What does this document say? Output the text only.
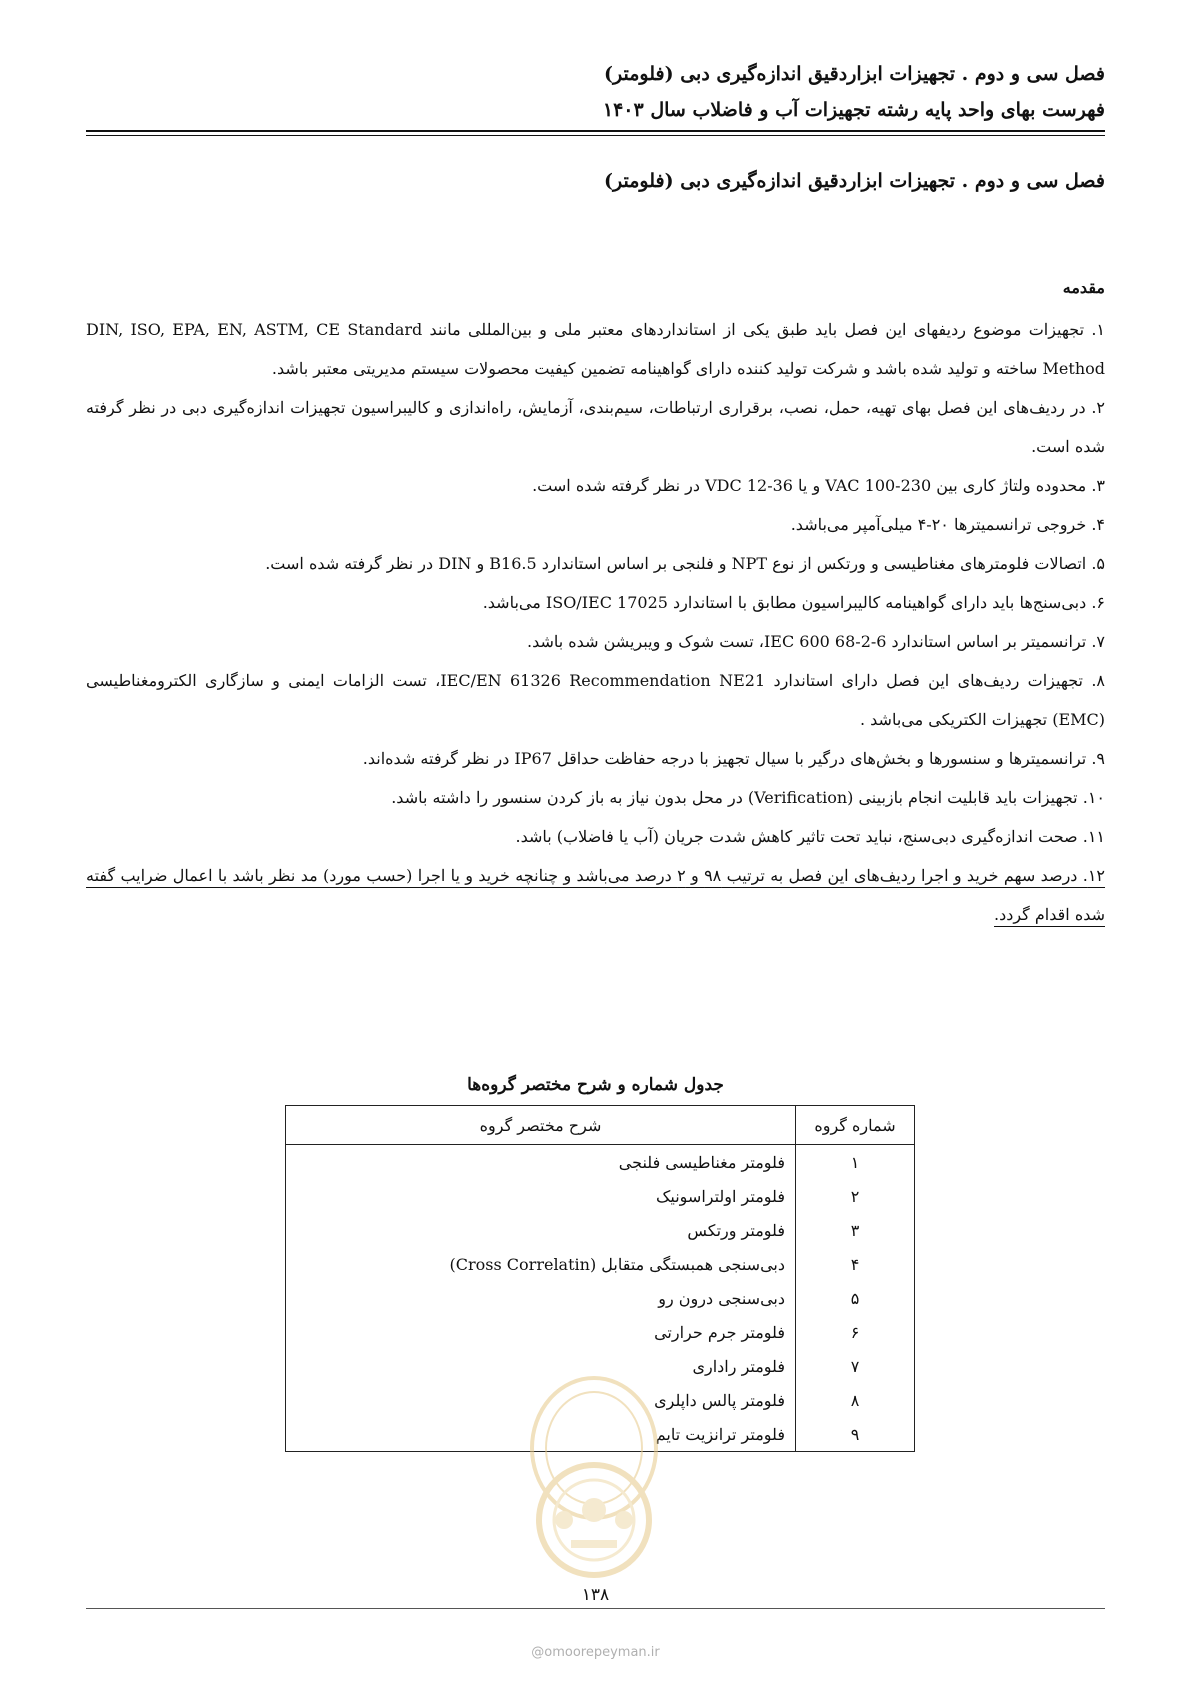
فصل سی و دوم . تجهیزات ابزاردقیق اندازه‌گیری دبی (فلومتر)
فهرست بهای واحد پایه رشته تجهیزات آب و فاضلاب سال ۱۴۰۳
فصل سی و دوم . تجهیزات ابزاردقیق اندازه‌گیری دبی (فلومتر)
مقدمه
۱. تجهیزات موضوع ردیفهای این فصل باید طبق یکی از استانداردهای معتبر ملی و بین‌المللی مانند DIN, ISO, EPA, EN, ASTM, CE Standard Method ساخته و تولید شده باشد و شرکت تولید کننده دارای گواهینامه تضمین کیفیت محصولات سیستم مدیریتی معتبر باشد.
۲. در ردیف‌های این فصل بهای تهیه، حمل، نصب، برقراری ارتباطات، سیم‌بندی، آزمایش، راه‌اندازی و کالیبراسیون تجهیزات اندازه‌گیری دبی در نظر گرفته شده است.
۳. محدوده ولتاژ کاری بین VAC 100-230 و یا VDC 12-36 در نظر گرفته شده است.
۴. خروجی ترانسمیترها ۲۰-۴ میلی‌آمپر می‌باشد.
۵. اتصالات فلومترهای مغناطیسی و ورتکس از نوع NPT و فلنجی بر اساس استاندارد B16.5 و DIN در نظر گرفته شده است.
۶. دبی‌سنج‌ها باید دارای گواهینامه کالیبراسیون مطابق با استاندارد ISO/IEC 17025 می‌باشد.
۷. ترانسمیتر بر اساس استاندارد IEC 600 68-2-6، تست شوک و ویبریشن شده باشد.
۸. تجهیزات ردیف‌های این فصل دارای استاندارد IEC/EN 61326 Recommendation NE21، تست الزامات ایمنی و سازگاری الکترومغناطیسی (EMC) تجهیزات الکتریکی می‌باشد .
۹. ترانسمیترها و سنسورها و بخش‌های درگیر با سیال تجهیز با درجه حفاظت حداقل IP67 در نظر گرفته شده‌اند.
۱۰. تجهیزات باید قابلیت انجام بازبینی (Verification) در محل بدون نیاز به باز کردن سنسور را داشته باشد.
۱۱. صحت اندازه‌گیری دبی‌سنج، نباید تحت تاثیر کاهش شدت جریان (آب یا فاضلاب) باشد.
۱۲. درصد سهم خرید و اجرا ردیف‌های این فصل به ترتیب ۹۸ و ۲ درصد می‌باشد و چنانچه خرید و یا اجرا (حسب مورد) مد نظر باشد با اعمال ضرایب گفته شده اقدام گردد.
جدول شماره و شرح مختصر گروه‌ها
شماره گروه	شرح مختصر گروه
۱	فلومتر مغناطیسی فلنجی
۲	فلومتر اولتراسونیک
۳	فلومتر ورتکس
۴	دبی‌سنجی همبستگی متقابل (Cross Correlatin)
۵	دبی‌سنجی درون رو
۶	فلومتر جرم حرارتی
۷	فلومتر راداری
۸	فلومتر پالس داپلری
۹	فلومتر ترانزیت تایم
۱۳۸
@omoorepeyman.ir
